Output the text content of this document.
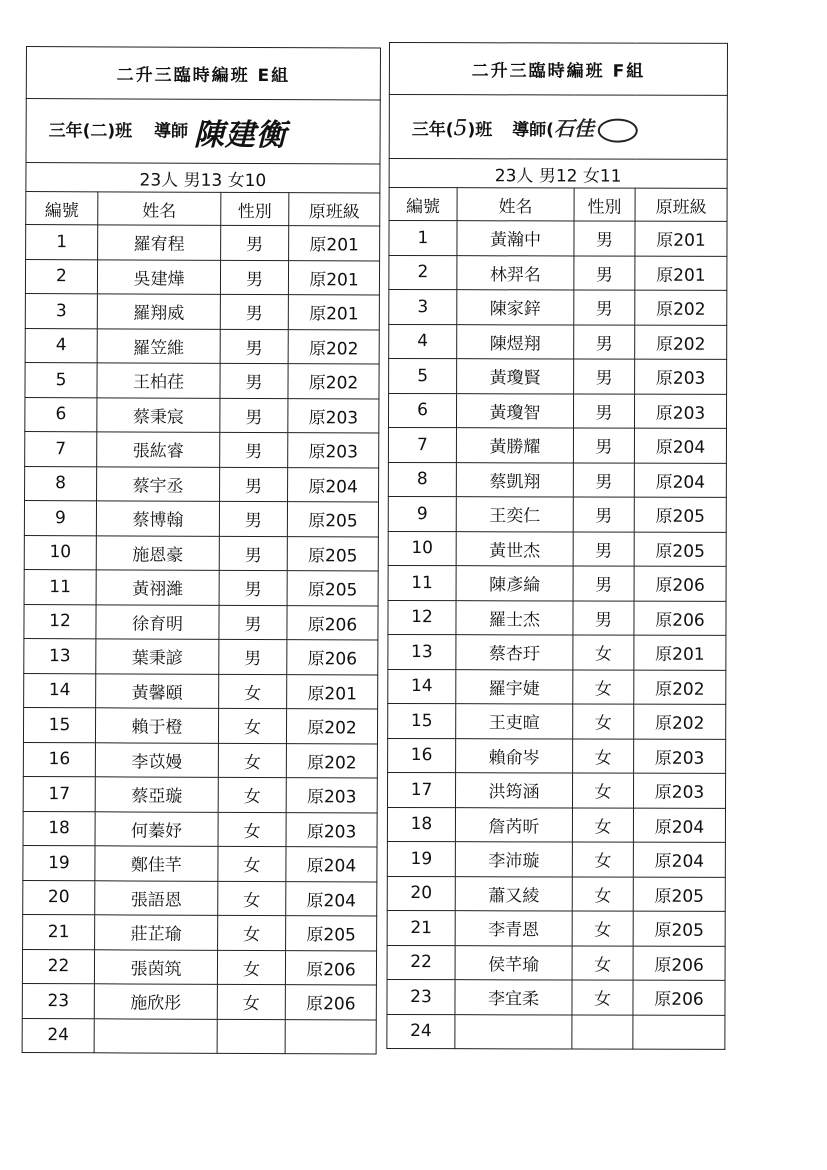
二升三臨時編班 E組			
三年(二)班 導師 陳建衡			
23人 男13 女10			
編號	姓名	性別	原班級
1	羅宥程	男	原201
2	吳建燁	男	原201
3	羅翔威	男	原201
4	羅笠維	男	原202
5	王柏荏	男	原202
6	蔡秉宸	男	原203
7	張紘睿	男	原203
8	蔡宇丞	男	原204
9	蔡博翰	男	原205
10	施恩豪	男	原205
11	黃祤濰	男	原205
12	徐育明	男	原206
13	葉秉諺	男	原206
14	黃馨頤	女	原201
15	賴于橙	女	原202
16	李苡嫚	女	原202
17	蔡亞璇	女	原203
18	何蓁妤	女	原203
19	鄭佳芊	女	原204
20	張語恩	女	原204
21	莊芷瑜	女	原205
22	張茵筑	女	原206
23	施欣彤	女	原206
24			
二升三臨時編班 F組			
三年(5)班 導師(石佳			
23人 男12 女11			
編號	姓名	性別	原班級
1	黃瀚中	男	原201
2	林羿名	男	原201
3	陳家鋅	男	原202
4	陳煜翔	男	原202
5	黃瓊賢	男	原203
6	黃瓊智	男	原203
7	黃勝耀	男	原204
8	蔡凱翔	男	原204
9	王奕仁	男	原205
10	黃世杰	男	原205
11	陳彥綸	男	原206
12	羅士杰	男	原206
13	蔡杏玗	女	原201
14	羅宇婕	女	原202
15	王吏暄	女	原202
16	賴俞岑	女	原203
17	洪筠涵	女	原203
18	詹芮昕	女	原204
19	李沛璇	女	原204
20	蕭又綾	女	原205
21	李青恩	女	原205
22	侯芊瑜	女	原206
23	李宜柔	女	原206
24			
